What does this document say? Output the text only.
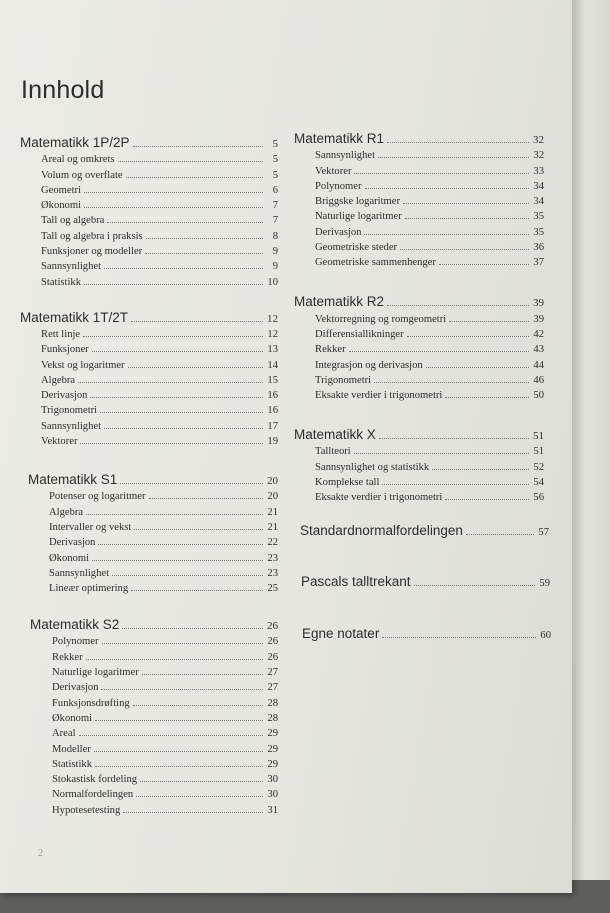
Innhold
Matematikk 1P/2P	5
Areal og omkrets	5
Volum og overflate	5
Geometri	6
Økonomi	7
Tall og algebra	7
Tall og algebra i praksis	8
Funksjoner og modeller	9
Sannsynlighet	9
Statistikk	10
Matematikk 1T/2T	12
Rett linje	12
Funksjoner	13
Vekst og logaritmer	14
Algebra	15
Derivasjon	16
Trigonometri	16
Sannsynlighet	17
Vektorer	19
Matematikk S1	20
Potenser og logaritmer	20
Algebra	21
Intervaller og vekst	21
Derivasjon	22
Økonomi	23
Sannsynlighet	23
Lineær optimering	25
Matematikk S2	26
Polynomer	26
Rekker	26
Naturlige logaritmer	27
Derivasjon	27
Funksjonsdrøfting	28
Økonomi	28
Areal	29
Modeller	29
Statistikk	29
Stokastisk fordeling	30
Normalfordelingen	30
Hypotesetesting	31
Matematikk R1	32
Sannsynlighet	32
Vektorer	33
Polynomer	34
Briggske logaritmer	34
Naturlige logaritmer	35
Derivasjon	35
Geometriske steder	36
Geometriske sammenhenger	37
Matematikk R2	39
Vektorregning og romgeometri	39
Differensiallikninger	42
Rekker	43
Integrasjon og derivasjon	44
Trigonometri	46
Eksakte verdier i trigonometri	50
Matematikk X	51
Tallteori	51
Sannsynlighet og statistikk	52
Komplekse tall	54
Eksakte verdier i trigonometri	56
Standardnormalfordelingen	57
Pascals talltrekant	59
Egne notater	60
2
